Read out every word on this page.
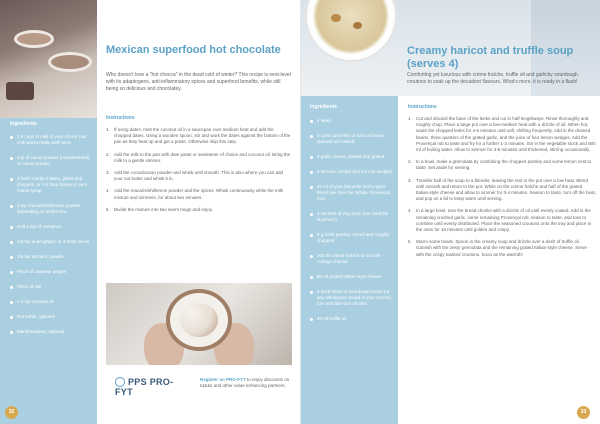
Mexican superfood hot chocolate
Who doesn't love a "hot chocca" in the dead cold of winter? This recipe is next-level with its adaptogens, anti-inflammatory spices and superfood benefits, while still being so delicious and chocolatey.
Ingredients
2.5 cups of milk of your choice (oat milk works really well here)
cup of cocoa powder (unsweetened) or cacao powder
3 fresh medjool dates, pitted and chopped, or 1-2 tbsp honey or pure maple syrup
2 tsp maca/reishi/lemon powder depending on preference
Half a tsp of cinnamon
1/4 tsp dried ginger, or 2 fresh slices
1/8 tsp turmeric powder
Pinch of cayenne pepper
Pinch of salt
1-2 tsp coconut oil
Nut butter, optional
Marshmallows, optional
Instructions
1. If using dates, melt the coconut oil in a saucepan over medium heat and add the chopped dates. Using a wooden spoon, stir and work the dates against the bottom of the pan as they heat up and get a paste. Otherwise skip this step.
2. Add the milk to the pan with date paste or sweetener of choice and coconut oil. Bring the milk to a gentle simmer.
3. Add the cocoa/cacao powder and whisk until smooth. This is also where you can add your nut butter and whisk it in.
4. Add the maca/reishi/lemon powder and the spices. Whisk continuously while the milk mixture and simmers, for about two minutes.
5. Divide the mixture into two warm mugs and enjoy.
PPS PRO-FYT
Register on PRO-FYT to enjoy discounts on £££££ and other value enhancing partners.
32
Creamy haricot and truffle soup (serves 4)
Comforting yet luxurious with crème fraîche, truffle oil and garlicky sourdough croutons to soak up the decadent flavours. What's more, it is ready in a flash!
Ingredients
4 leeks
2 cans cannellini or haricot beans, drained and rinsed
4 garlic cloves, peeled and grated
2 lemons, zested and cut into wedges
40 ml of your favourite herby spice blend (we love the NOMU Provençal mix)
4 sachets of veg stock (we used the Nyemorri)
8 g fresh parsley, rinsed and roughly chopped
200 ml crème fraîche or smooth cottage cheese
80 ml grated Italian-style cheese
2 thick slices of sourdough bread (or any wholegrain bread of your choice), torn into bite-size chunks
40 ml truffle oil
Instructions
1. Cut and discard the base of the leeks and cut in half lengthways. Rinse thoroughly and roughly chop. Place a large pot over a low-medium heat with a drizzle of oil. When hot, sauté the chopped leeks for 4-6 minutes until soft, shifting frequently. Add in the drained beans, three quarters of the grated garlic, and the juice of four lemon wedges. Add the Provençal rub to taste and fry for a further 1-2 minutes. Stir in the vegetable stock and 800 ml of boiling water. Allow to simmer for 3-5 minutes until thickened, stirring occasionally.
2. In a bowl, make a gremolata by combining the chopped parsley and some lemon zest to taste. Set aside for serving.
3. Transfer half of the soup to a blender, leaving the rest in the pot over a low heat. Blend until smooth and return to the pot. While on the crème fraîche and half of the grated Italian-style cheese and allow to simmer for 3-4 minutes. Season to taste, turn off the heat, and pop on a lid to keep warm until serving.
4. In a large bowl, toss the bread chunks with a drizzle of oil until evenly coated. Add in the remaining crushed garlic, some remaining Provençal rub, season to taste, and toss to combine until evenly distributed. Place the seasoned croutons onto the tray and place in the oven for 10 minutes until golden and crispy.
5. Warm some bowls. Spoon in the creamy soup and drizzle over a dash of truffle oil. Garnish with the zesty gremolata and the remaining grated Italian-style cheese. Serve with the crispy toasted croutons. Sooo as the warmth!
33
